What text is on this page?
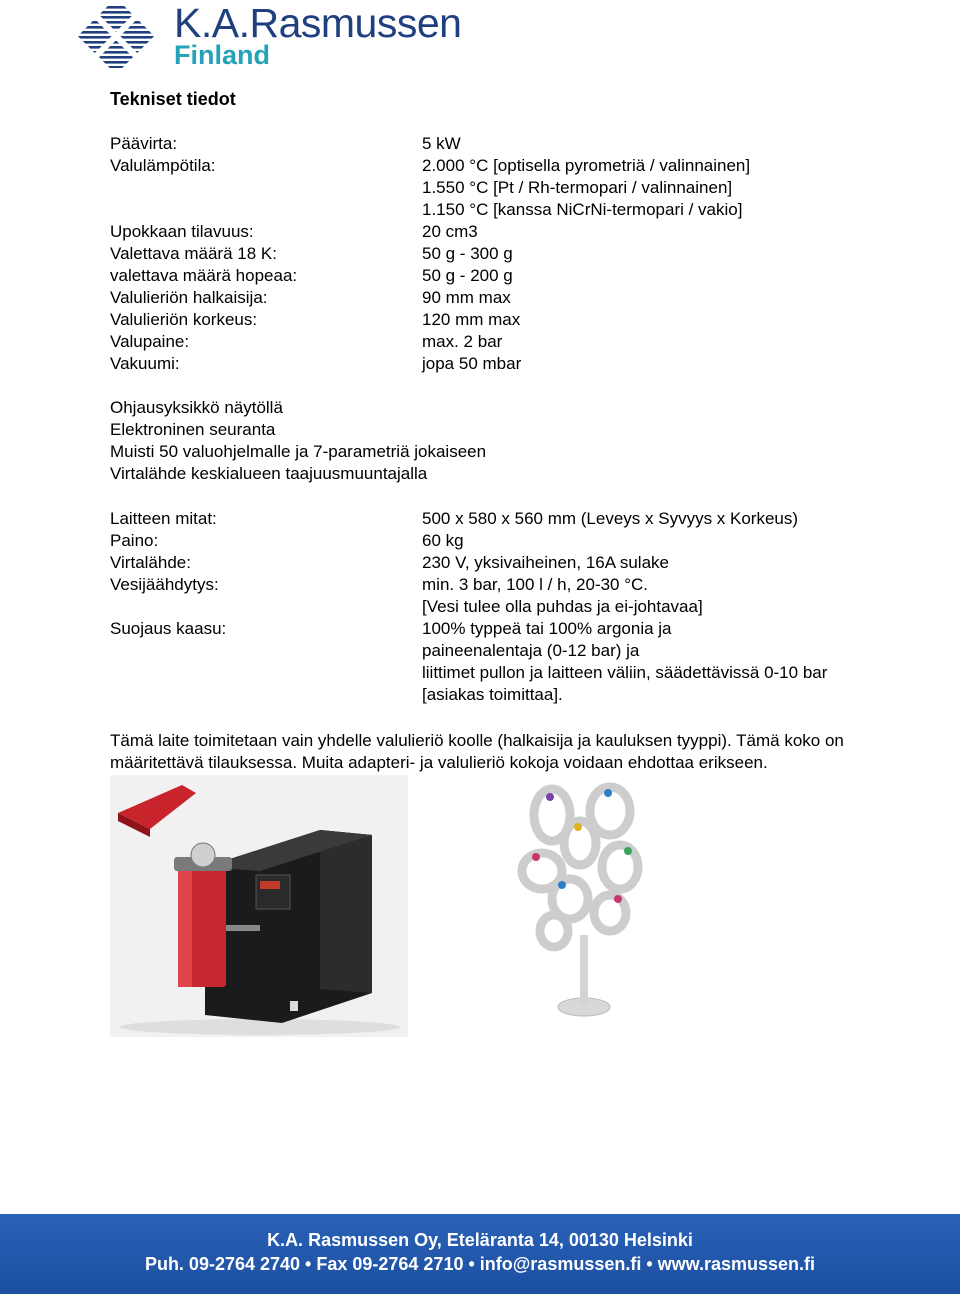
K.A.Rasmussen
Finland
Tekniset tiedot
Päävirta:	5 kW
Valulämpötila:	2.000 °C [optisella pyrometriä / valinnainen]
1.550 °C [Pt / Rh-termopari / valinnainen]
1.150 °C [kanssa NiCrNi-termopari / vakio]
Upokkaan tilavuus:	20 cm3
Valettava määrä 18 K:	50 g - 300 g
valettava määrä hopeaa:	50 g - 200 g
Valulieriön halkaisija:	90 mm max
Valulieriön korkeus:	120 mm max
Valupaine:	max. 2 bar
Vakuumi:	jopa 50 mbar
Ohjausyksikkö näytöllä
Elektroninen seuranta
Muisti 50 valuohjelmalle ja 7-parametriä jokaiseen
Virtalähde keskialueen taajuusmuuntajalla
Laitteen mitat:	500 x 580 x 560 mm (Leveys x Syvyys x Korkeus)
Paino:	60 kg
Virtalähde:	230 V, yksivaiheinen, 16A sulake
Vesijäähdytys:	min. 3 bar, 100 l / h, 20-30 °C.
[Vesi tulee olla puhdas ja ei-johtavaa]
Suojaus kaasu:	100% typpeä tai 100% argonia ja
paineenalentaja (0-12 bar) ja
liittimet pullon ja laitteen väliin, säädettävissä 0-10 bar
[asiakas toimittaa].
Tämä laite toimitetaan vain yhdelle valulieriö koolle (halkaisija ja kauluksen tyyppi). Tämä koko on määritettävä tilauksessa. Muita adapteri- ja valulieriö kokoja voidaan ehdottaa erikseen.
K.A. Rasmussen Oy, Eteläranta 14, 00130 Helsinki
Puh. 09-2764 2740 • Fax 09-2764 2710 • info@rasmussen.fi • www.rasmussen.fi
